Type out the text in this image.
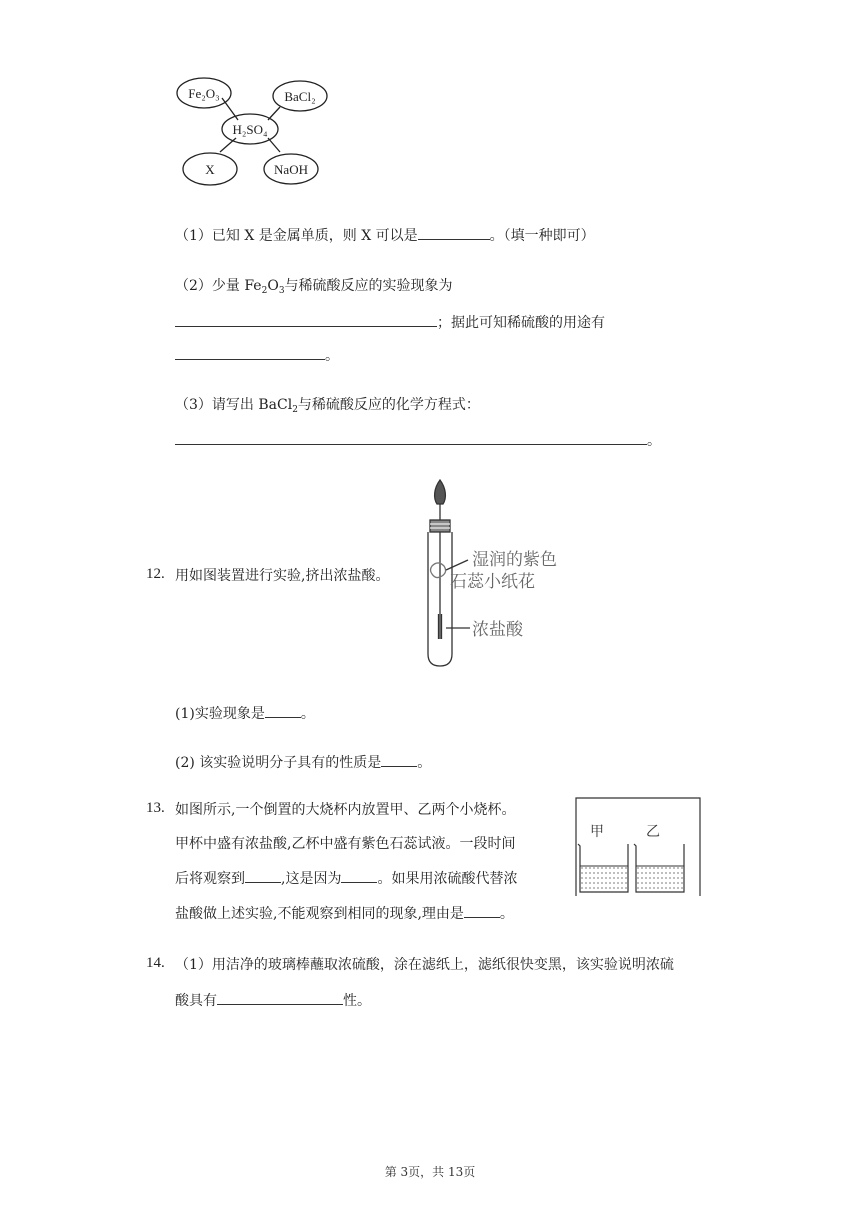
Fe₂O₃	BaCl₂
H₂SO₄
X	NaOH
（1）已知 X 是金属单质，则 X 可以是	。（填一种即可）
（2）少量 $Fe_2O_3$与稀硫酸反应的实验现象为
；据此可知稀硫酸的用途有
。
（3）请写出 BaCl$_2$与稀硫酸反应的化学方程式：
。
12. 用如图装置进行实验,挤出浓盐酸。
湿润的紫色
石蕊小纸花
浓盐酸
(1)实验现象是	。
(2) 该实验说明分子具有的性质是	。
13. 如图所示,一个倒置的大烧杯内放置甲、乙两个小烧杯。
甲杯中盛有浓盐酸,乙杯中盛有紫色石蕊试液。一段时间
后将观察到	,这是因为	。如果用浓硫酸代替浓
盐酸做上述实验,不能观察到相同的现象,理由是	。
甲	乙
14. （1）用洁净的玻璃棒蘸取浓硫酸，涂在滤纸上，滤纸很快变黑，该实验说明浓硫
酸具有	性。
第 3页，共 13页
